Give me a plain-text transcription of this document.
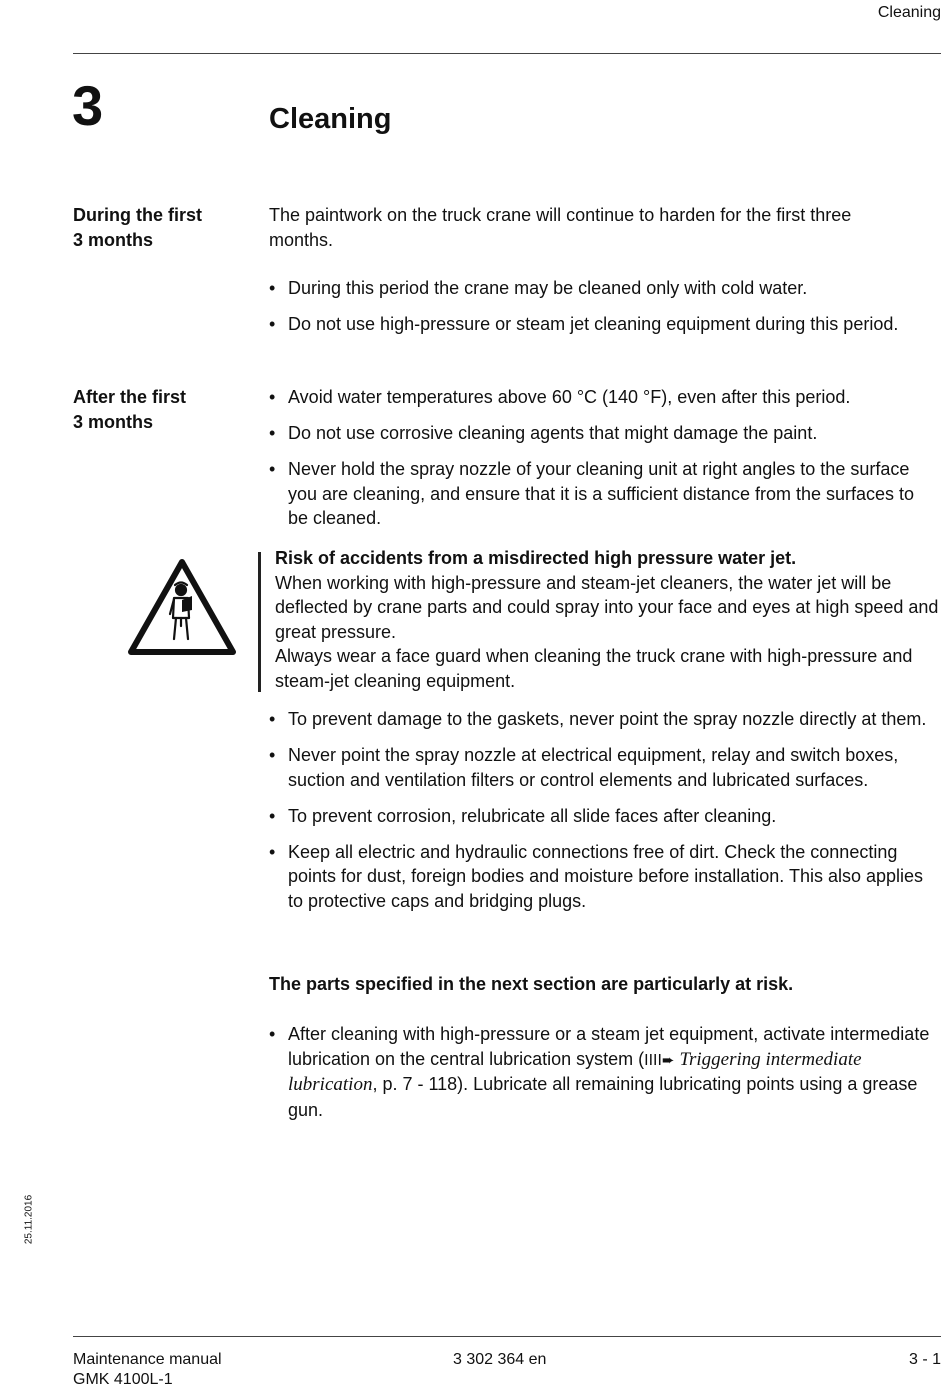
Cleaning
3	Cleaning
During the first
3 months
The paintwork on the truck crane will continue to harden for the first three months.
• During this period the crane may be cleaned only with cold water.
• Do not use high-pressure or steam jet cleaning equipment during this period.
After the first
3 months
• Avoid water temperatures above 60 °C (140 °F), even after this period.
• Do not use corrosive cleaning agents that might damage the paint.
• Never hold the spray nozzle of your cleaning unit at right angles to the surface you are cleaning, and ensure that it is a sufficient distance from the surfaces to be cleaned.
Risk of accidents from a misdirected high pressure water jet.
When working with high-pressure and steam-jet cleaners, the water jet will be deflected by crane parts and could spray into your face and eyes at high speed and great pressure.
Always wear a face guard when cleaning the truck crane with high-pressure and steam-jet cleaning equipment.
• To prevent damage to the gaskets, never point the spray nozzle directly at them.
• Never point the spray nozzle at electrical equipment, relay and switch boxes, suction and ventilation filters or control elements and lubricated surfaces.
• To prevent corrosion, relubricate all slide faces after cleaning.
• Keep all electric and hydraulic connections free of dirt. Check the connecting points for dust, foreign bodies and moisture before installation. This also applies to protective caps and bridging plugs.
The parts specified in the next section are particularly at risk.
• After cleaning with high-pressure or a steam jet equipment, activate intermediate lubrication on the central lubrication system (IIII➨ Triggering intermediate lubrication, p. 7 - 118). Lubricate all remaining lubricating points using a grease gun.
25.11.2016
Maintenance manual
GMK 4100L-1
3 302 364 en	3 - 1
